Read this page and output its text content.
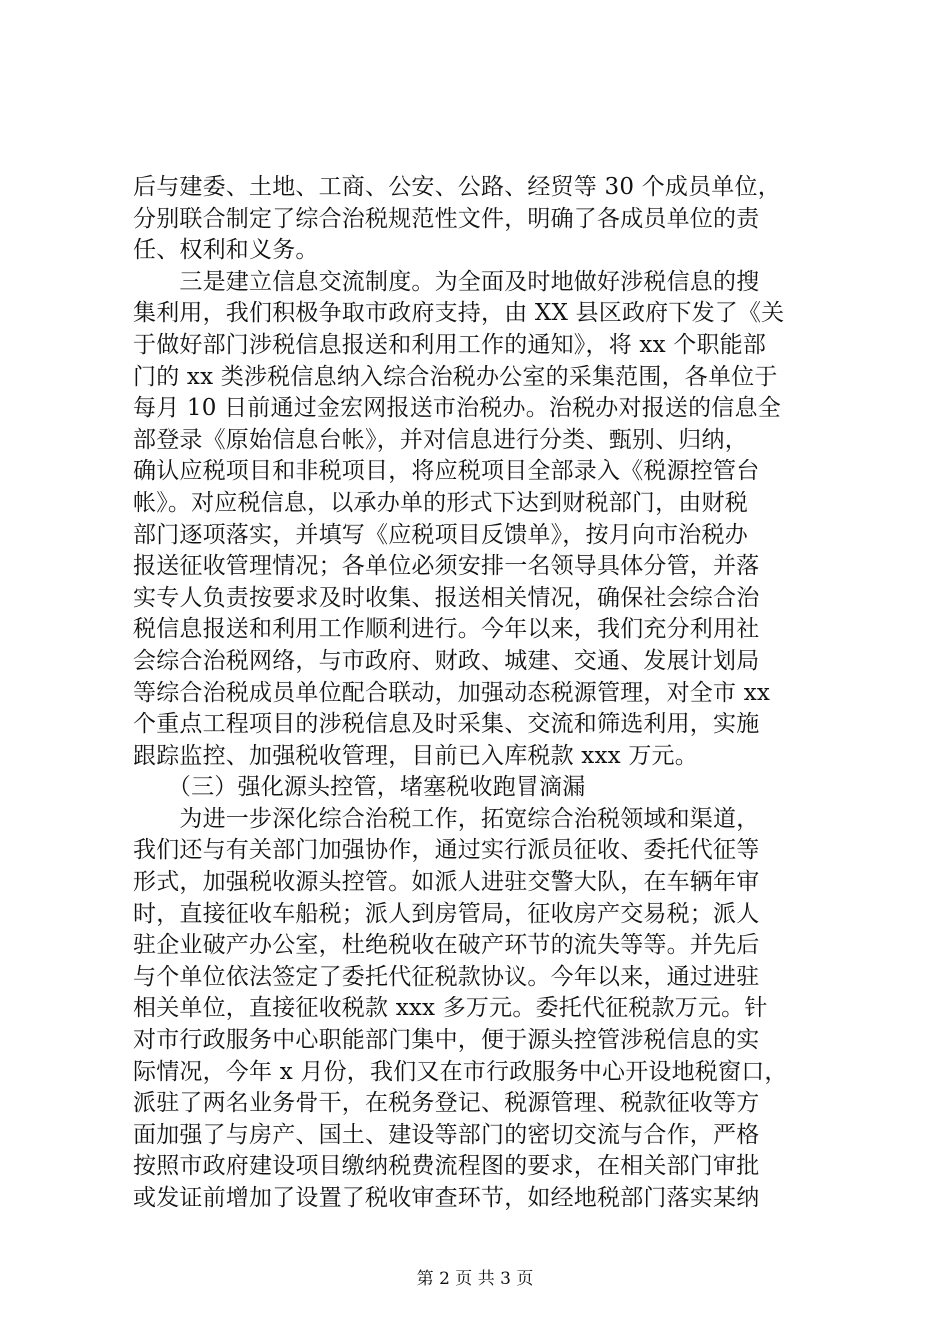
后与建委、土地、工商、公安、公路、经贸等 30 个成员单位，
分别联合制定了综合治税规范性文件，明确了各成员单位的责
任、权利和义务。
　　三是建立信息交流制度。为全面及时地做好涉税信息的搜
集利用，我们积极争取市政府支持，由 XX 县区政府下发了《关
于做好部门涉税信息报送和利用工作的通知》，将 xx 个职能部
门的 xx 类涉税信息纳入综合治税办公室的采集范围，各单位于
每月 10 日前通过金宏网报送市治税办。治税办对报送的信息全
部登录《原始信息台帐》，并对信息进行分类、甄别、归纳，
确认应税项目和非税项目，将应税项目全部录入《税源控管台
帐》。对应税信息，以承办单的形式下达到财税部门，由财税
部门逐项落实，并填写《应税项目反馈单》，按月向市治税办
报送征收管理情况；各单位必须安排一名领导具体分管，并落
实专人负责按要求及时收集、报送相关情况，确保社会综合治
税信息报送和利用工作顺利进行。今年以来，我们充分利用社
会综合治税网络，与市政府、财政、城建、交通、发展计划局
等综合治税成员单位配合联动，加强动态税源管理，对全市 xx
个重点工程项目的涉税信息及时采集、交流和筛选利用，实施
跟踪监控、加强税收管理，目前已入库税款 xxx 万元。
　　（三）强化源头控管，堵塞税收跑冒滴漏
　　为进一步深化综合治税工作，拓宽综合治税领域和渠道，
我们还与有关部门加强协作，通过实行派员征收、委托代征等
形式，加强税收源头控管。如派人进驻交警大队，在车辆年审
时，直接征收车船税；派人到房管局，征收房产交易税；派人
驻企业破产办公室，杜绝税收在破产环节的流失等等。并先后
与个单位依法签定了委托代征税款协议。今年以来，通过进驻
相关单位，直接征收税款 xxx 多万元。委托代征税款万元。针
对市行政服务中心职能部门集中，便于源头控管涉税信息的实
际情况，今年 x 月份，我们又在市行政服务中心开设地税窗口，
派驻了两名业务骨干，在税务登记、税源管理、税款征收等方
面加强了与房产、国土、建设等部门的密切交流与合作，严格
按照市政府建设项目缴纳税费流程图的要求，在相关部门审批
或发证前增加了设置了税收审查环节，如经地税部门落实某纳
第 2 页 共 3 页
